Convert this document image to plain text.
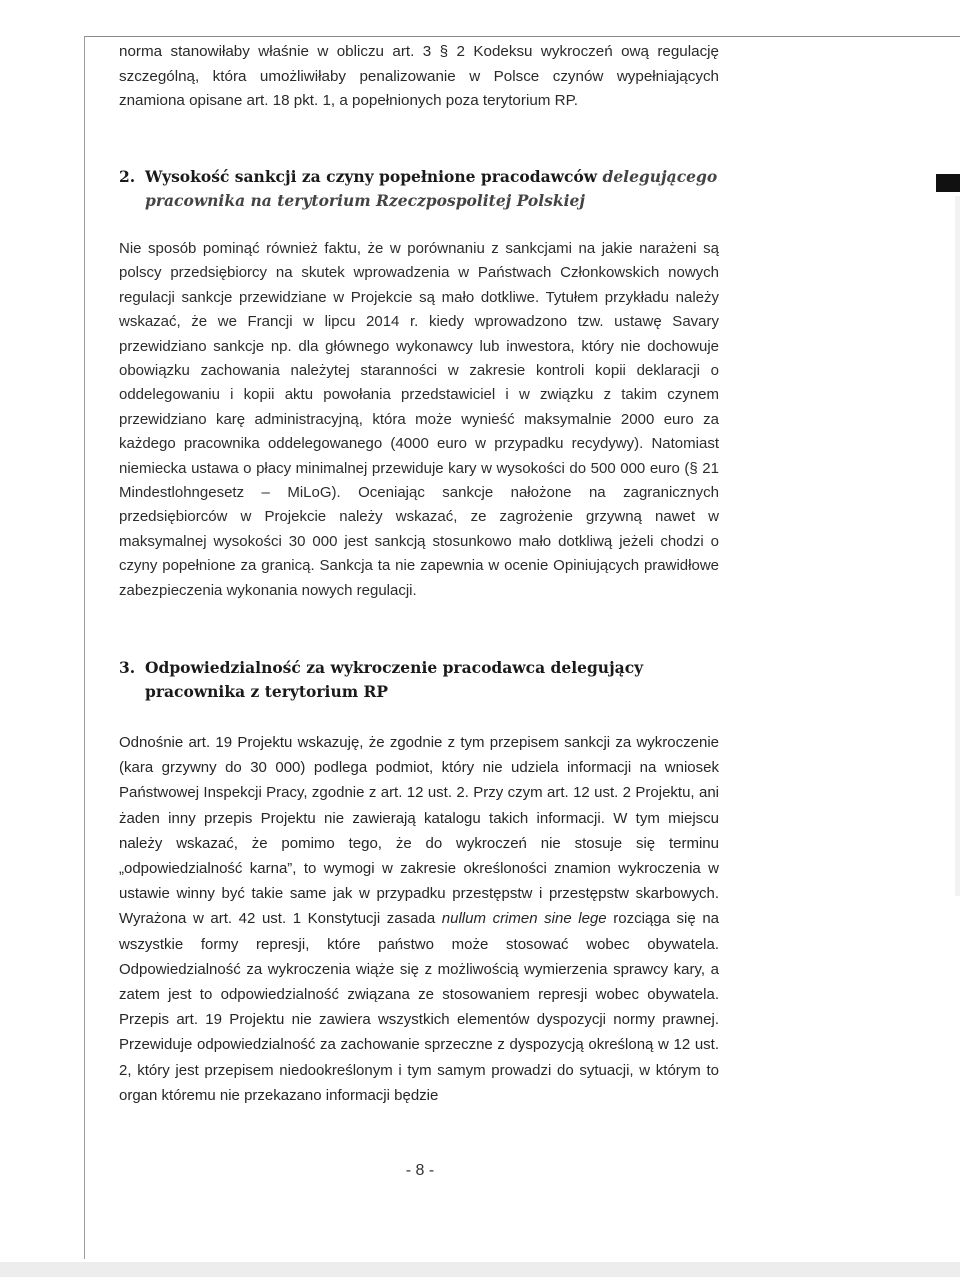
norma stanowiłaby właśnie w obliczu art. 3 § 2 Kodeksu wykroczeń ową regulację szczególną, która umożliwiłaby penalizowanie w Polsce czynów wypełniających znamiona opisane art. 18 pkt. 1, a popełnionych poza terytorium RP.

2. Wysokość sankcji za czyny popełnione pracodawców delegującego pracownika na terytorium Rzeczpospolitej Polskiej

Nie sposób pominąć również faktu, że w porównaniu z sankcjami na jakie narażeni są polscy przedsiębiorcy na skutek wprowadzenia w Państwach Członkowskich nowych regulacji sankcje przewidziane w Projekcie są mało dotkliwe. Tytułem przykładu należy wskazać, że we Francji w lipcu 2014 r. kiedy wprowadzono tzw. ustawę Savary przewidziano sankcje np. dla głównego wykonawcy lub inwestora, który nie dochowuje obowiązku zachowania należytej staranności w zakresie kontroli kopii deklaracji o oddelegowaniu i kopii aktu powołania przedstawiciel i w związku z takim czynem przewidziano karę administracyjną, która może wynieść maksymalnie 2000 euro za każdego pracownika oddelegowanego (4000 euro w przypadku recydywy). Natomiast niemiecka ustawa o płacy minimalnej przewiduje kary w wysokości do 500 000 euro (§ 21 Mindestlohngesetz – MiLoG). Oceniając sankcje nałożone na zagranicznych przedsiębiorców w Projekcie należy wskazać, ze zagrożenie grzywną nawet w maksymalnej wysokości 30 000 jest sankcją stosunkowo mało dotkliwą jeżeli chodzi o czyny popełnione za granicą. Sankcja ta nie zapewnia w ocenie Opiniujących prawidłowe zabezpieczenia wykonania nowych regulacji.

3. Odpowiedzialność za wykroczenie pracodawca delegujący pracownika z terytorium RP

Odnośnie art. 19 Projektu wskazuję, że zgodnie z tym przepisem sankcji za wykroczenie (kara grzywny do 30 000) podlega podmiot, który nie udziela informacji na wniosek Państwowej Inspekcji Pracy, zgodnie z art. 12 ust. 2. Przy czym art. 12 ust. 2 Projektu, ani żaden inny przepis Projektu nie zawierają katalogu takich informacji. W tym miejscu należy wskazać, że pomimo tego, że do wykroczeń nie stosuje się terminu „odpowiedzialność karna”, to wymogi w zakresie określoności znamion wykroczenia w ustawie winny być takie same jak w przypadku przestępstw i przestępstw skarbowych. Wyrażona w art. 42 ust. 1 Konstytucji zasada nullum crimen sine lege rozciąga się na wszystkie formy represji, które państwo może stosować wobec obywatela. Odpowiedzialność za wykroczenia wiąże się z możliwością wymierzenia sprawcy kary, a zatem jest to odpowiedzialność związana ze stosowaniem represji wobec obywatela. Przepis art. 19 Projektu nie zawiera wszystkich elementów dyspozycji normy prawnej. Przewiduje odpowiedzialność za zachowanie sprzeczne z dyspozycją określoną w 12 ust. 2, który jest przepisem niedookreślonym i tym samym prowadzi do sytuacji, w którym to organ któremu nie przekazano informacji będzie

- 8 -
